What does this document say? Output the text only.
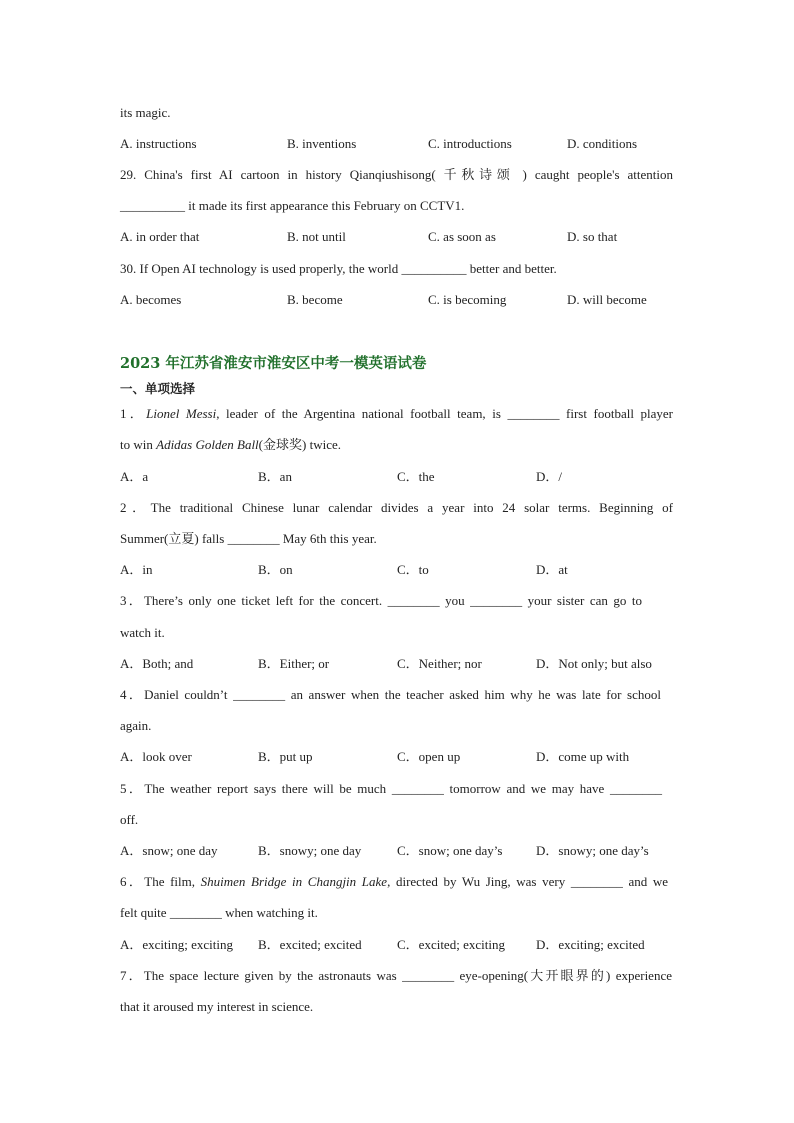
its magic.
A. instructions	B. inventions	C. introductions	D. conditions
29. China's first AI cartoon in history Qianqiushisong( 千秋诗颂 ) caught people's attention
__________ it made its first appearance this February on CCTV1.
A. in order that	B. not until	C. as soon as	D. so that
30. If Open AI technology is used properly, the world __________ better and better.
A. becomes	B. become	C. is becoming	D. will become
2023 年江苏省淮安市淮安区中考一模英语试卷
一、单项选择
1．Lionel Messi, leader of the Argentina national football team, is ________ first football player
to win Adidas Golden Ball(金球奖) twice.
A．a	B．an	C．the	D．/
2．The traditional Chinese lunar calendar divides a year into 24 solar terms. Beginning of
Summer(立夏) falls ________ May 6th this year.
A．in	B．on	C．to	D．at
3．There’s only one ticket left for the concert. ________ you ________ your sister can go to
watch it.
A．Both; and	B．Either; or	C．Neither; nor	D．Not only; but also
4．Daniel couldn’t ________ an answer when the teacher asked him why he was late for school
again.
A．look over	B．put up	C．open up	D．come up with
5．The weather report says there will be much ________ tomorrow and we may have ________
off.
A．snow; one day	B．snowy; one day	C．snow; one day’s	D．snowy; one day’s
6．The film, Shuimen Bridge in Changjin Lake, directed by Wu Jing, was very ________ and we
felt quite ________ when watching it.
A．exciting; exciting B．excited; excited	C．excited; exciting D．exciting; excited
7．The space lecture given by the astronauts was ________ eye-opening(大开眼界的) experience
that it aroused my interest in science.
